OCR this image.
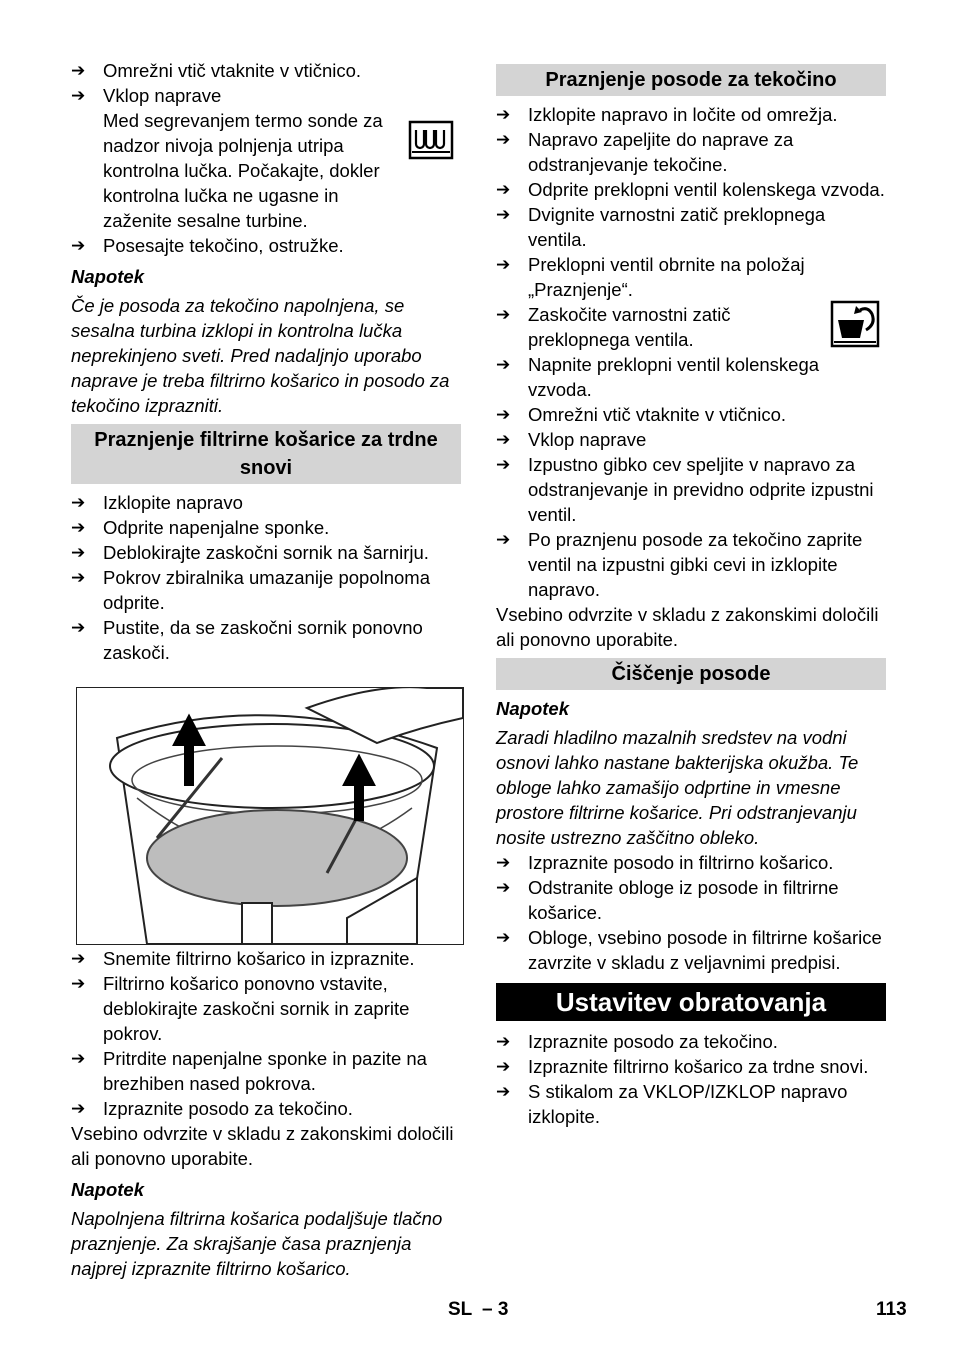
➔ Omrežni vtič vtaknite v vtičnico.
➔ Vklop naprave
Med segrevanjem termo sonde za nadzor nivoja polnjenja utripa kontrolna lučka. Počakajte, dokler kontrolna lučka ne ugasne in zaženite sesalne turbine.
➔ Posesajte tekočino, ostružke.
Napotek

Če je posoda za tekočino napolnjena, se sesalna turbina izklopi in kontrolna lučka neprekinjeno sveti. Pred nadaljnjo uporabo naprave je treba filtrirno košarico in posodo za tekočino izprazniti.

Praznjenje filtrirne košarice za trdne snovi
➔ Izklopite napravo
➔ Odprite napenjalne sponke.
➔ Deblokirajte zaskočni sornik na šarnirju.
➔ Pokrov zbiralnika umazanije popolnoma odprite.
➔ Pustite, da se zaskočni sornik ponovno zaskoči.
➔ Snemite filtrirno košarico in izpraznite.
➔ Filtrirno košarico ponovno vstavite, deblokirajte zaskočni sornik in zaprite pokrov.
➔ Pritrdite napenjalne sponke in pazite na brezhiben nased pokrova.
➔ Izpraznite posodo za tekočino.

Vsebino odvrzite v skladu z zakonskimi določili ali ponovno uporabite.

Napotek

Napolnjena filtrirna košarica podaljšuje tlačno praznjenje. Za skrajšanje časa praznjenja najprej izpraznite filtrirno košarico.

Praznjenje posode za tekočino
➔ Izklopite napravo in ločite od omrežja.
➔ Napravo zapeljite do naprave za odstranjevanje tekočine.
➔ Odprite preklopni ventil kolenskega vzvoda.
➔ Dvignite varnostni zatič preklopnega ventila.
➔ Preklopni ventil obrnite na položaj „Praznjenje“.
➔ Zaskočite varnostni zatič preklopnega ventila.
➔ Napnite preklopni ventil kolenskega vzvoda.
➔ Omrežni vtič vtaknite v vtičnico.
➔ Vklop naprave
➔ Izpustno gibko cev speljite v napravo za odstranjevanje in previdno odprite izpustni ventil.
➔ Po praznjenu posode za tekočino zaprite ventil na izpustni gibki cevi in izklopite napravo.

Vsebino odvrzite v skladu z zakonskimi določili ali ponovno uporabite.

Čiščenje posode
Napotek

Zaradi hladilno mazalnih sredstev na vodni osnovi lahko nastane bakterijska okužba. Te obloge lahko zamašijo odprtine in vmesne prostore filtrirne košarice. Pri odstranjevanju nosite ustrezno zaščitno obleko.

➔ Izpraznite posodo in filtrirno košarico.
➔ Odstranite obloge iz posode in filtrirne košarice.
➔ Obloge, vsebino posode in filtrirne košarice zavrzite v skladu z veljavnimi predpisi.
Ustavitev obratovanja
➔ Izpraznite posodo za tekočino.
➔ Izpraznite filtrirno košarico za trdne snovi.
➔ S stikalom za VKLOP/IZKLOP napravo izklopite.
SL – 3	113
